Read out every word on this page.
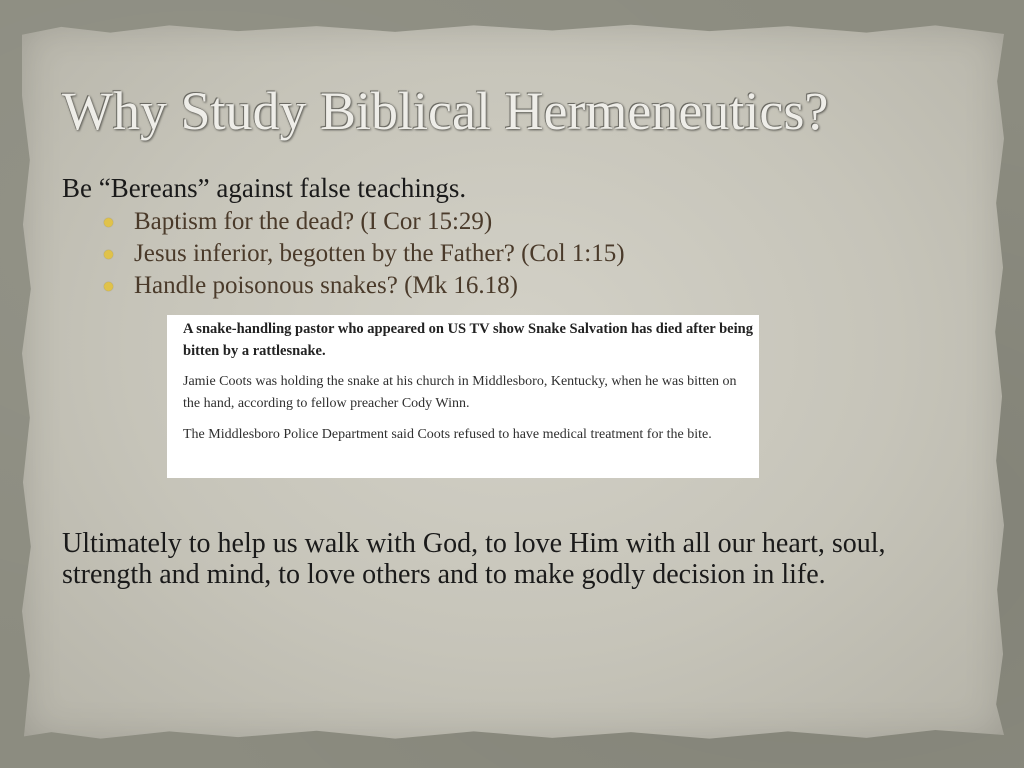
Why Study Biblical Hermeneutics?
Be “Bereans” against false teachings.
Baptism for the dead? (I Cor 15:29)
Jesus inferior, begotten by the Father? (Col 1:15)
Handle poisonous snakes? (Mk 16.18)

A snake-handling pastor who appeared on US TV show Snake Salvation has died after being bitten by a rattlesnake.

Jamie Coots was holding the snake at his church in Middlesboro, Kentucky, when he was bitten on the hand, according to fellow preacher Cody Winn.

The Middlesboro Police Department said Coots refused to have medical treatment for the bite.

Ultimately to help us walk with God, to love Him with all our heart, soul, strength and mind, to love others and to make godly decision in life.
